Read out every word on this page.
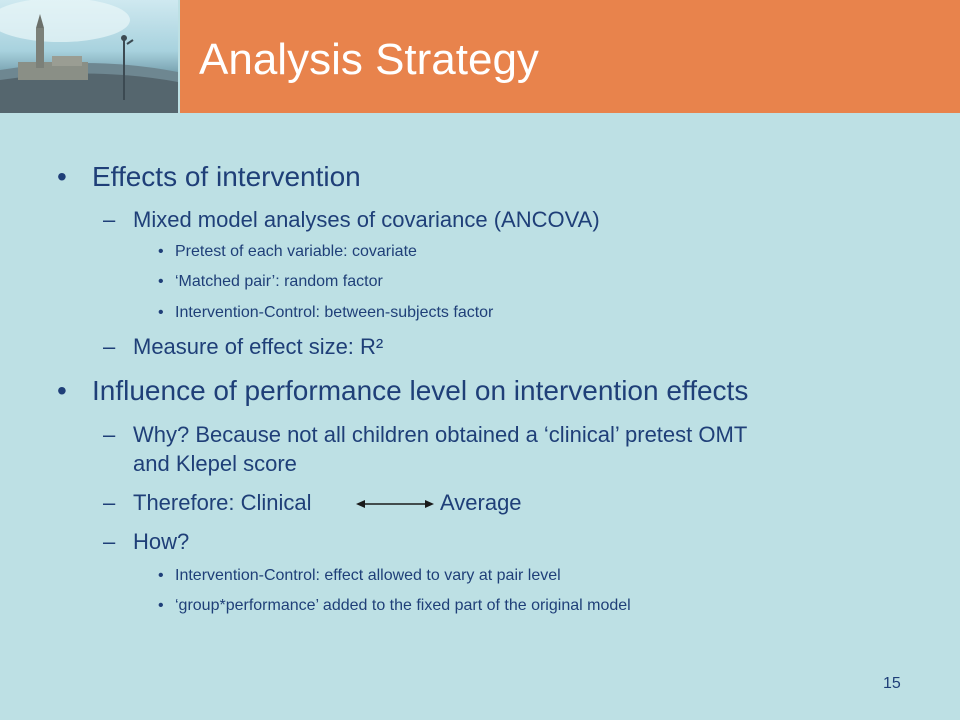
Analysis Strategy
• Effects of intervention

– Mixed model analyses of covariance (ANCOVA)

• Pretest of each variable: covariate

• ‘Matched pair’: random factor

• Intervention-Control: between-subjects factor

– Measure of effect size: R²

• Influence of performance level on intervention effects

– Why? Because not all children obtained a ‘clinical’ pretest OMT

and Klepel score

– Therefore: Clinical	Average

– How?

• Intervention-Control: effect allowed to vary at pair level

• ‘group*performance’ added to the fixed part of the original model

15
